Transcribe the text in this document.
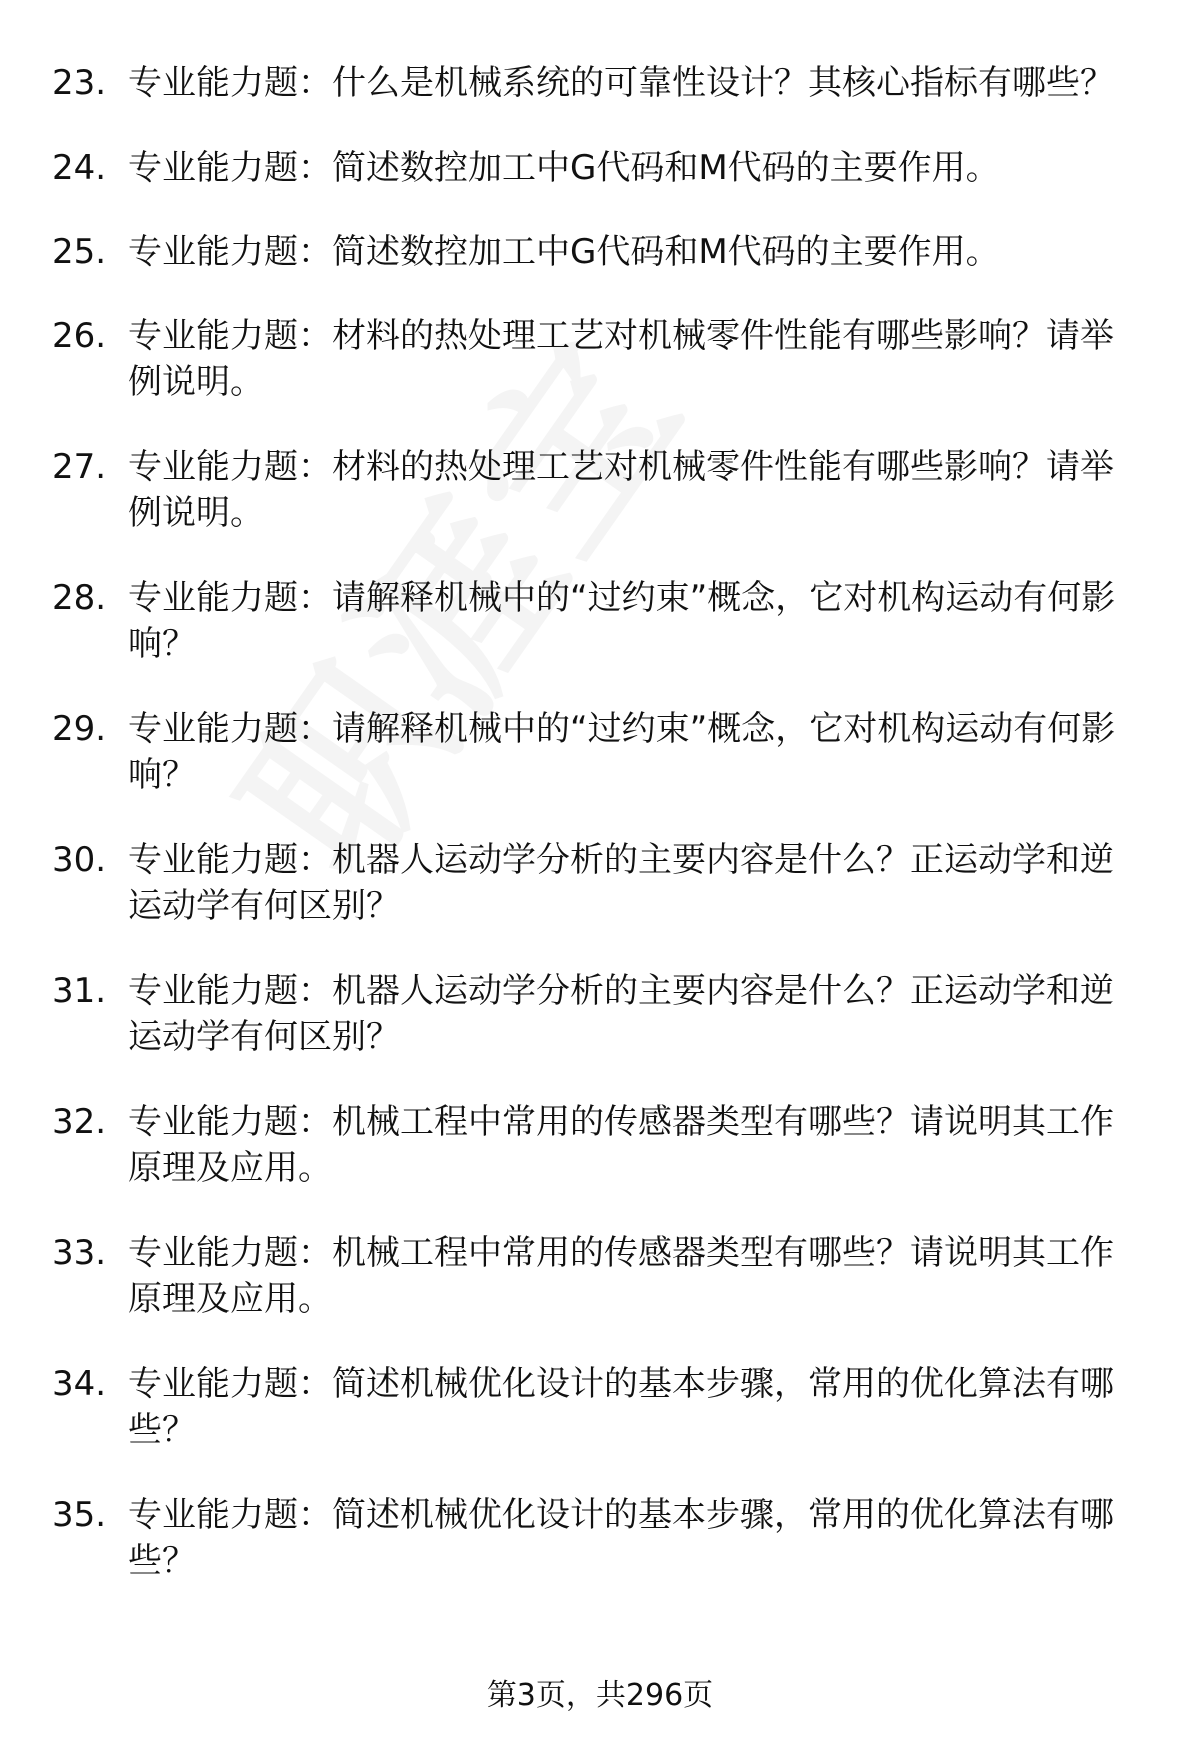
23. 专业能力题：什么是机械系统的可靠性设计？其核心指标有哪些？
24. 专业能力题：简述数控加工中G代码和M代码的主要作用。
25. 专业能力题：简述数控加工中G代码和M代码的主要作用。
26. 专业能力题：材料的热处理工艺对机械零件性能有哪些影响？请举例说明。
27. 专业能力题：材料的热处理工艺对机械零件性能有哪些影响？请举例说明。
28. 专业能力题：请解释机械中的“过约束”概念，它对机构运动有何影响？
29. 专业能力题：请解释机械中的“过约束”概念，它对机构运动有何影响？
30. 专业能力题：机器人运动学分析的主要内容是什么？正运动学和逆运动学有何区别？
31. 专业能力题：机器人运动学分析的主要内容是什么？正运动学和逆运动学有何区别？
32. 专业能力题：机械工程中常用的传感器类型有哪些？请说明其工作原理及应用。
33. 专业能力题：机械工程中常用的传感器类型有哪些？请说明其工作原理及应用。
34. 专业能力题：简述机械优化设计的基本步骤，常用的优化算法有哪些？
35. 专业能力题：简述机械优化设计的基本步骤，常用的优化算法有哪些？
第3页，共296页
